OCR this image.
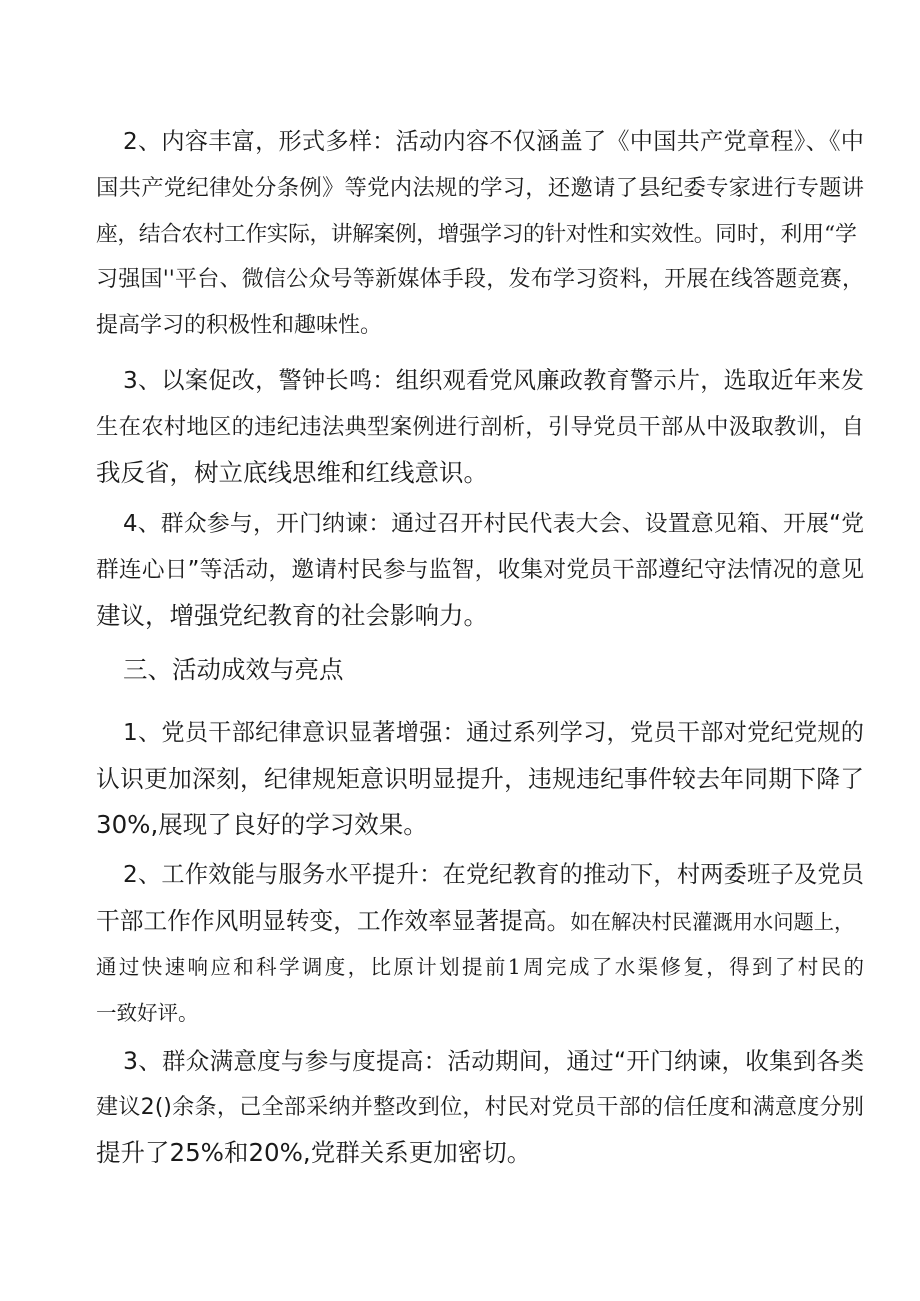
2、内容丰富，形式多样：活动内容不仅涵盖了《中国共产党章程》、《中
国共产党纪律处分条例》等党内法规的学习，还邀请了县纪委专家进行专题讲
座，结合农村工作实际，讲解案例，增强学习的针对性和实效性。同时，利用“学
习强国''平台、微信公众号等新媒体手段，发布学习资料，开展在线答题竞赛，
提高学习的积极性和趣味性。
3、以案促改，警钟长鸣：组织观看党风廉政教育警示片，选取近年来发
生在农村地区的违纪违法典型案例进行剖析，引导党员干部从中汲取教训，自
我反省，树立底线思维和红线意识。
4、群众参与，开门纳谏：通过召开村民代表大会、设置意见箱、开展“党
群连心日”等活动，邀请村民参与监智，收集对党员干部遵纪守法情况的意见
建议，增强党纪教育的社会影响力。
三、活动成效与亮点
1、党员干部纪律意识显著增强：通过系列学习，党员干部对党纪党规的
认识更加深刻，纪律规矩意识明显提升，违规违纪事件较去年同期下降了
30%,展现了良好的学习效果。
2、工作效能与服务水平提升：在党纪教育的推动下，村两委班子及党员
干部工作作风明显转变，工作效率显著提高。如在解决村民灌溉用水问题上，
通过快速响应和科学调度，比原计划提前1周完成了水渠修复，得到了村民的
一致好评。
3、群众满意度与参与度提高：活动期间，通过“开门纳谏，收集到各类
建议2()余条，己全部采纳并整改到位，村民对党员干部的信任度和满意度分别
提升了25%和20%,党群关系更加密切。
